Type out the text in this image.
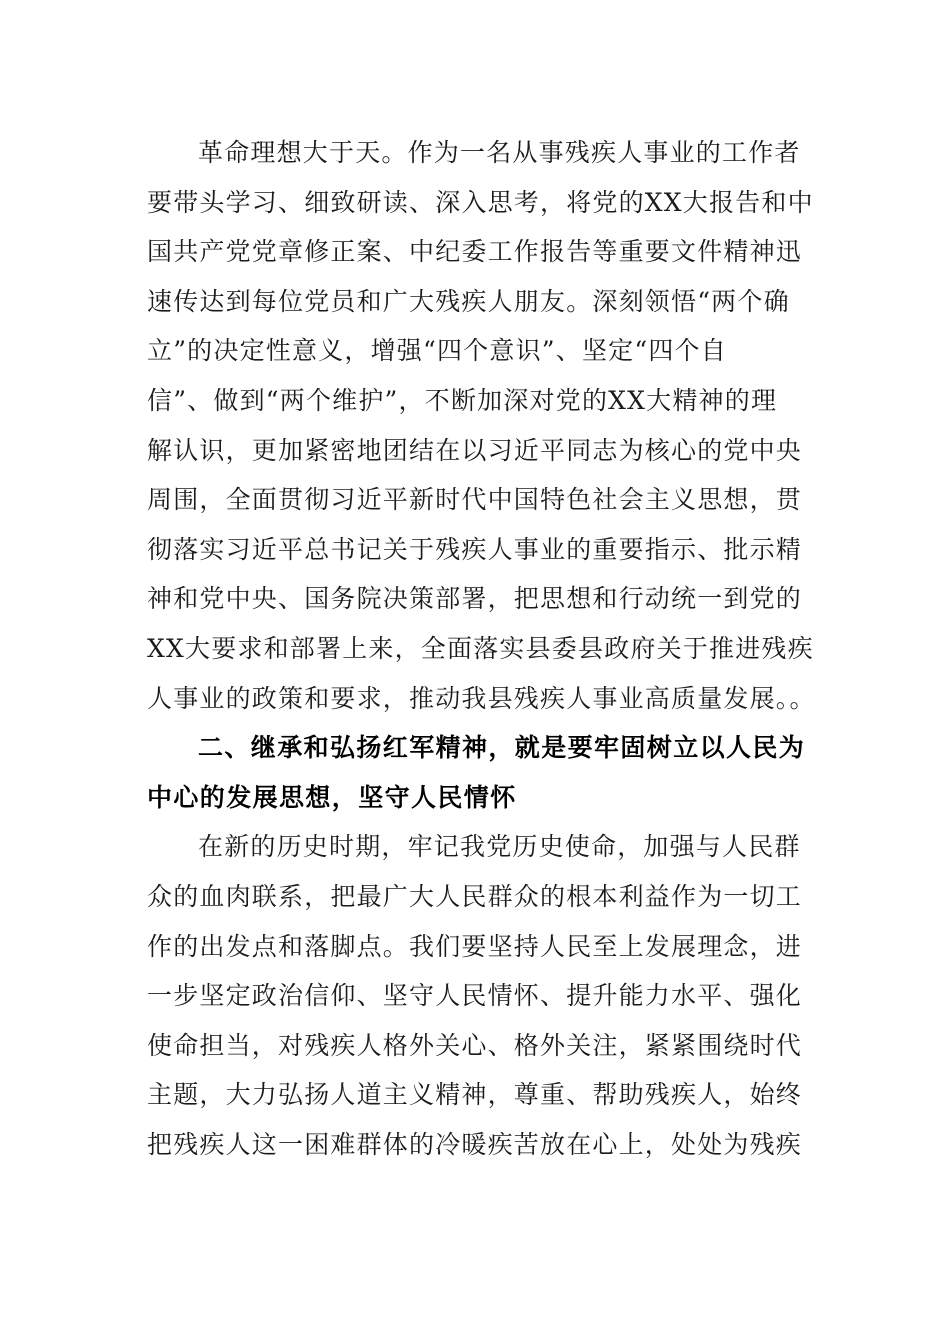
革命理想大于天。作为一名从事残疾人事业的工作者
要带头学习、细致研读、深入思考，将党的XX大报告和中
国共产党党章修正案、中纪委工作报告等重要文件精神迅
速传达到每位党员和广大残疾人朋友。深刻领悟“两个确
立”的决定性意义，增强“四个意识”、坚定“四个自
信”、做到“两个维护”，不断加深对党的XX大精神的理
解认识，更加紧密地团结在以习近平同志为核心的党中央
周围，全面贯彻习近平新时代中国特色社会主义思想，贯
彻落实习近平总书记关于残疾人事业的重要指示、批示精
神和党中央、国务院决策部署，把思想和行动统一到党的
XX大要求和部署上来，全面落实县委县政府关于推进残疾
人事业的政策和要求，推动我县残疾人事业高质量发展。。
二、继承和弘扬红军精神，就是要牢固树立以人民为
中心的发展思想，坚守人民情怀
在新的历史时期，牢记我党历史使命，加强与人民群
众的血肉联系，把最广大人民群众的根本利益作为一切工
作的出发点和落脚点。我们要坚持人民至上发展理念，进
一步坚定政治信仰、坚守人民情怀、提升能力水平、强化
使命担当，对残疾人格外关心、格外关注，紧紧围绕时代
主题，大力弘扬人道主义精神，尊重、帮助残疾人，始终
把残疾人这一困难群体的冷暖疾苦放在心上，处处为残疾
